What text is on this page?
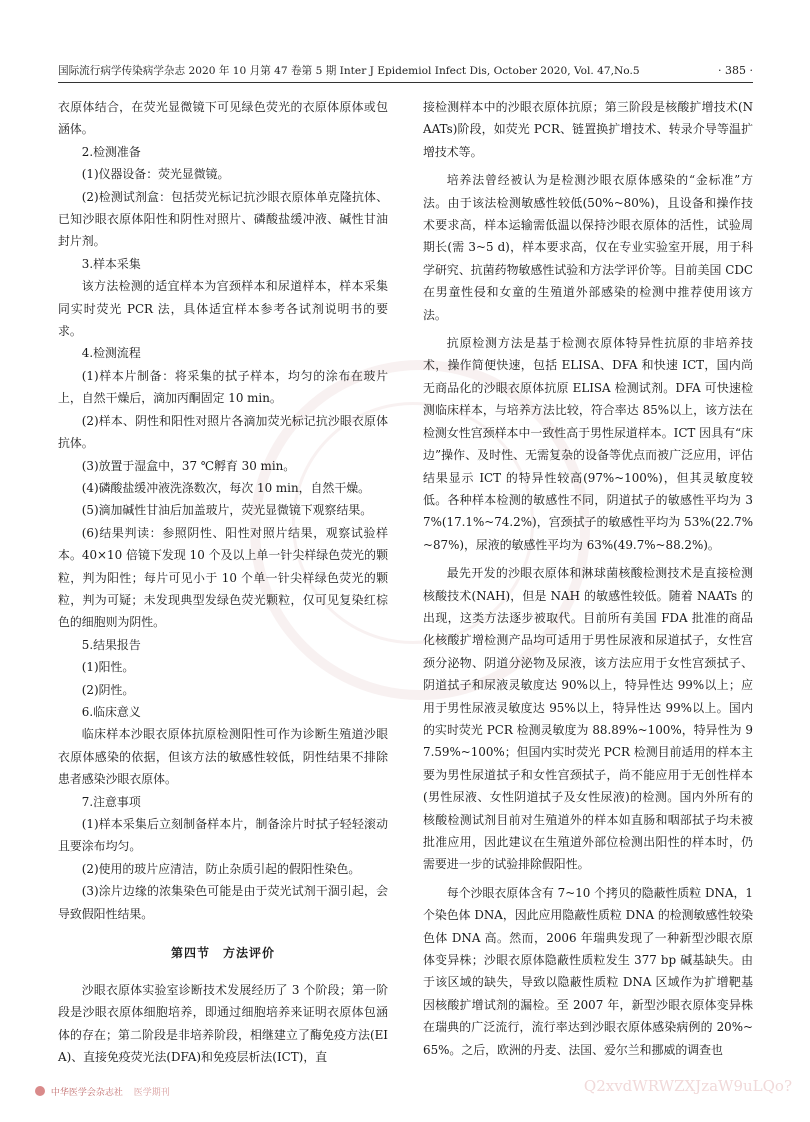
国际流行病学传染病学杂志 2020 年 10 月第 47 卷第 5 期 Inter J Epidemiol Infect Dis, October 2020, Vol. 47,No.5	· 385 ·

衣原体结合，在荧光显微镜下可见绿色荧光的衣原体原体或包涵体。

2.检测准备

(1)仪器设备：荧光显微镜。

(2)检测试剂盒：包括荧光标记抗沙眼衣原体单克隆抗体、已知沙眼衣原体阳性和阴性对照片、磷酸盐缓冲液、碱性甘油封片剂。

3.样本采集

该方法检测的适宜样本为宫颈样本和尿道样本，样本采集同实时荧光 PCR 法，具体适宜样本参考各试剂说明书的要求。

4.检测流程

(1)样本片制备：将采集的拭子样本，均匀的涂布在玻片上，自然干燥后，滴加丙酮固定 10 min。

(2)样本、阴性和阳性对照片各滴加荧光标记抗沙眼衣原体抗体。

(3)放置于湿盒中，37 ℃孵育 30 min。

(4)磷酸盐缓冲液洗涤数次，每次 10 min，自然干燥。

(5)滴加碱性甘油后加盖玻片，荧光显微镜下观察结果。

(6)结果判读：参照阴性、阳性对照片结果，观察试验样本。40×10 倍镜下发现 10 个及以上单一针尖样绿色荧光的颗粒，判为阳性；每片可见小于 10 个单一针尖样绿色荧光的颗粒，判为可疑；未发现典型发绿色荧光颗粒，仅可见复染红棕色的细胞则为阴性。

5.结果报告

(1)阳性。

(2)阴性。

6.临床意义

临床样本沙眼衣原体抗原检测阳性可作为诊断生殖道沙眼衣原体感染的依据，但该方法的敏感性较低，阴性结果不排除患者感染沙眼衣原体。

7.注意事项

(1)样本采集后立刻制备样本片，制备涂片时拭子轻轻滚动且要涂布均匀。

(2)使用的玻片应清洁，防止杂质引起的假阳性染色。

(3)涂片边缘的浓集染色可能是由于荧光试剂干涸引起，会导致假阳性结果。

第四节　方法评价

沙眼衣原体实验室诊断技术发展经历了 3 个阶段；第一阶段是沙眼衣原体细胞培养，即通过细胞培养来证明衣原体包涵体的存在；第二阶段是非培养阶段，相继建立了酶免疫方法(EIA)、直接免疫荧光法(DFA)和免疫层析法(ICT)，直

接检测样本中的沙眼衣原体抗原；第三阶段是核酸扩增技术(NAATs)阶段，如荧光 PCR、链置换扩增技术、转录介导等温扩增技术等。

培养法曾经被认为是检测沙眼衣原体感染的“金标准”方法。由于该法检测敏感性较低(50%~80%)，且设备和操作技术要求高，样本运输需低温以保持沙眼衣原体的活性，试验周期长(需 3~5 d)，样本要求高，仅在专业实验室开展，用于科学研究、抗菌药物敏感性试验和方法学评价等。目前美国 CDC 在男童性侵和女童的生殖道外部感染的检测中推荐使用该方法。

抗原检测方法是基于检测衣原体特异性抗原的非培养技术，操作简便快速，包括 ELISA、DFA 和快速 ICT，国内尚无商品化的沙眼衣原体抗原 ELISA 检测试剂。DFA 可快速检测临床样本，与培养方法比较，符合率达 85%以上，该方法在检测女性宫颈样本中一致性高于男性尿道样本。ICT 因具有“床边”操作、及时性、无需复杂的设备等优点而被广泛应用，评估结果显示 ICT 的特异性较高(97%~100%)，但其灵敏度较低。各种样本检测的敏感性不同，阴道拭子的敏感性平均为 37%(17.1%~74.2%)，宫颈拭子的敏感性平均为 53%(22.7%~87%)，尿液的敏感性平均为 63%(49.7%~88.2%)。

最先开发的沙眼衣原体和淋球菌核酸检测技术是直接检测核酸技术(NAH)，但是 NAH 的敏感性较低。随着 NAATs 的出现，这类方法逐步被取代。目前所有美国 FDA 批准的商品化核酸扩增检测产品均可适用于男性尿液和尿道拭子，女性宫颈分泌物、阴道分泌物及尿液，该方法应用于女性宫颈拭子、阴道拭子和尿液灵敏度达 90%以上，特异性达 99%以上；应用于男性尿液灵敏度达 95%以上，特异性达 99%以上。国内的实时荧光 PCR 检测灵敏度为 88.89%~100%，特异性为 97.59%~100%；但国内实时荧光 PCR 检测目前适用的样本主要为男性尿道拭子和女性宫颈拭子，尚不能应用于无创性样本(男性尿液、女性阴道拭子及女性尿液)的检测。国内外所有的核酸检测试剂目前对生殖道外的样本如直肠和咽部拭子均未被批准应用，因此建议在生殖道外部位检测出阳性的样本时，仍需要进一步的试验排除假阳性。

每个沙眼衣原体含有 7~10 个拷贝的隐蔽性质粒 DNA，1 个染色体 DNA，因此应用隐蔽性质粒 DNA 的检测敏感性较染色体 DNA 高。然而，2006 年瑞典发现了一种新型沙眼衣原体变异株；沙眼衣原体隐蔽性质粒发生 377 bp 碱基缺失。由于该区域的缺失，导致以隐蔽性质粒 DNA 区域作为扩增靶基因核酸扩增试剂的漏检。至 2007 年，新型沙眼衣原体变异株在瑞典的广泛流行，流行率达到沙眼衣原体感染病例的 20%~65%。之后，欧洲的丹麦、法国、爱尔兰和挪威的调查也

中华医学会杂志社 医学期刊	Q2xvdWRWZXJzaW9uLQo?
